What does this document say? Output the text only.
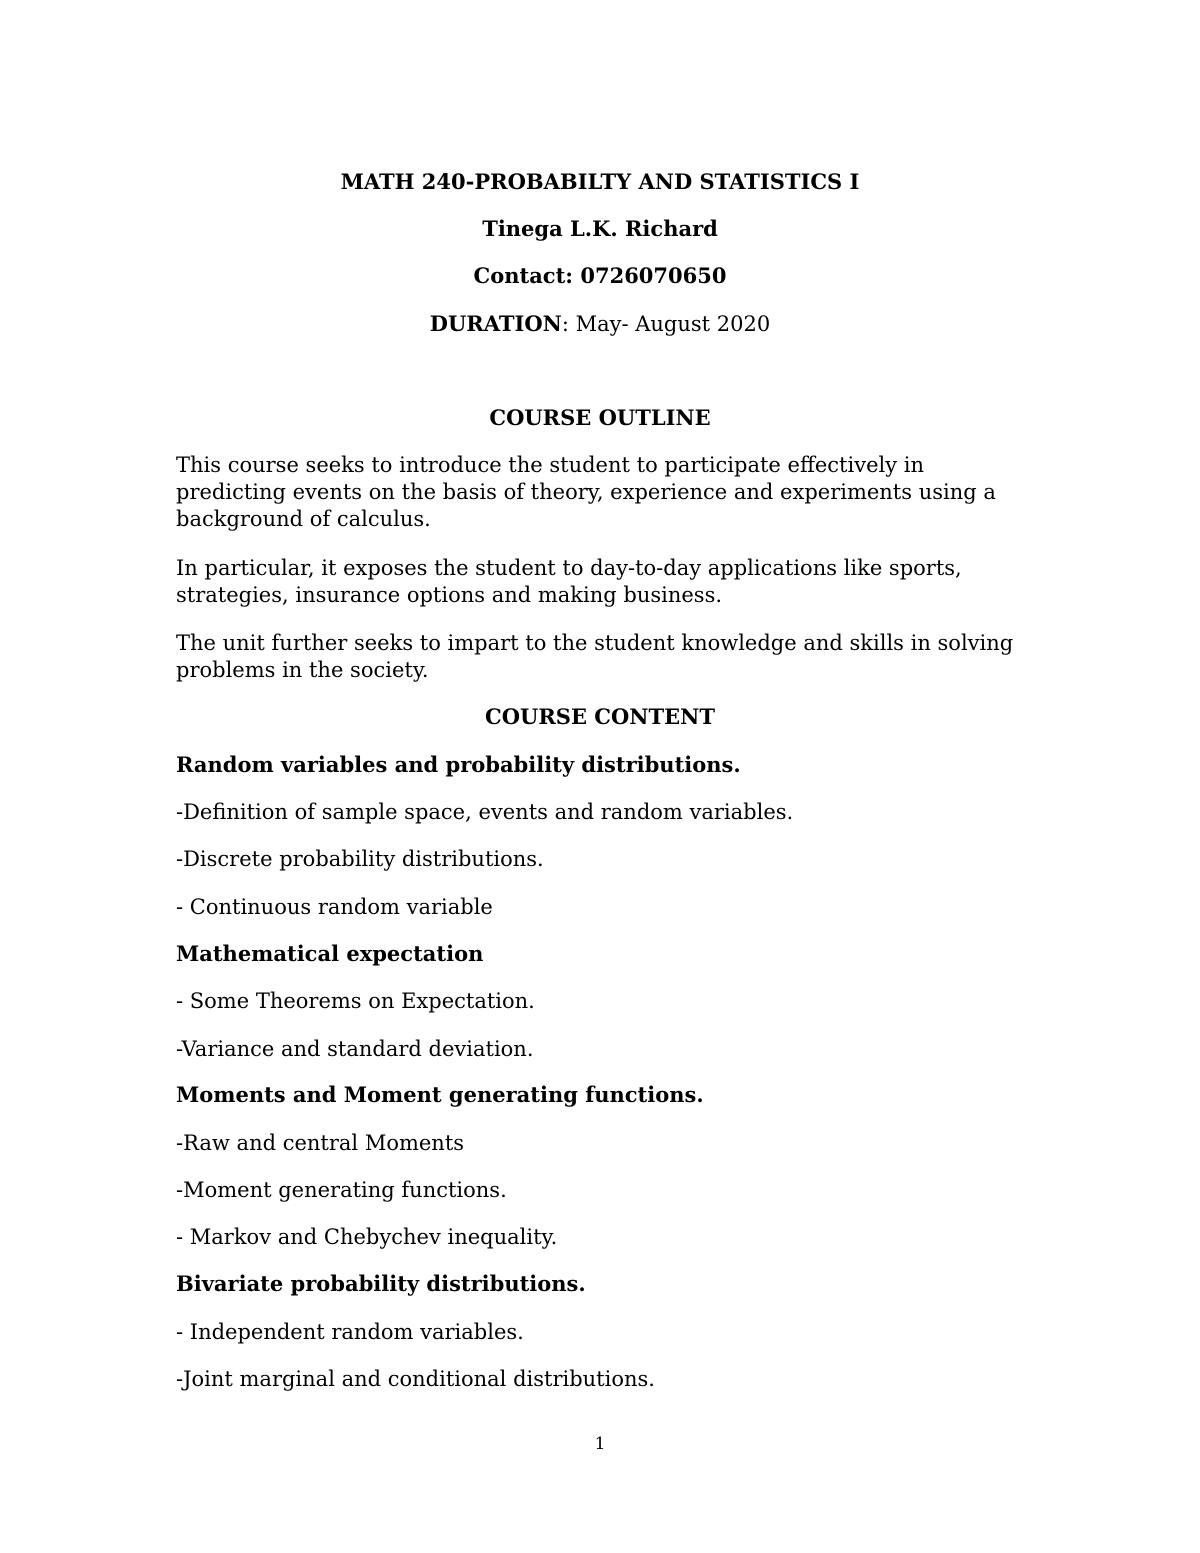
MATH 240-PROBABILTY AND STATISTICS I
Tinega L.K. Richard
Contact: 0726070650
DURATION: May- August 2020
COURSE OUTLINE

This course seeks to introduce the student to participate effectively in predicting events on the basis of theory, experience and experiments using a background of calculus.

In particular, it exposes the student to day-to-day applications like sports, strategies, insurance options and making business.

The unit further seeks to impart to the student knowledge and skills in solving problems in the society.

COURSE CONTENT

Random variables and probability distributions.

-Definition of sample space, events and random variables.

-Discrete probability distributions.

- Continuous random variable

Mathematical expectation

- Some Theorems on Expectation.

-Variance and standard deviation.

Moments and Moment generating functions.

-Raw and central Moments

-Moment generating functions.

- Markov and Chebychev inequality.

Bivariate probability distributions.

- Independent random variables.

-Joint marginal and conditional distributions.

1
